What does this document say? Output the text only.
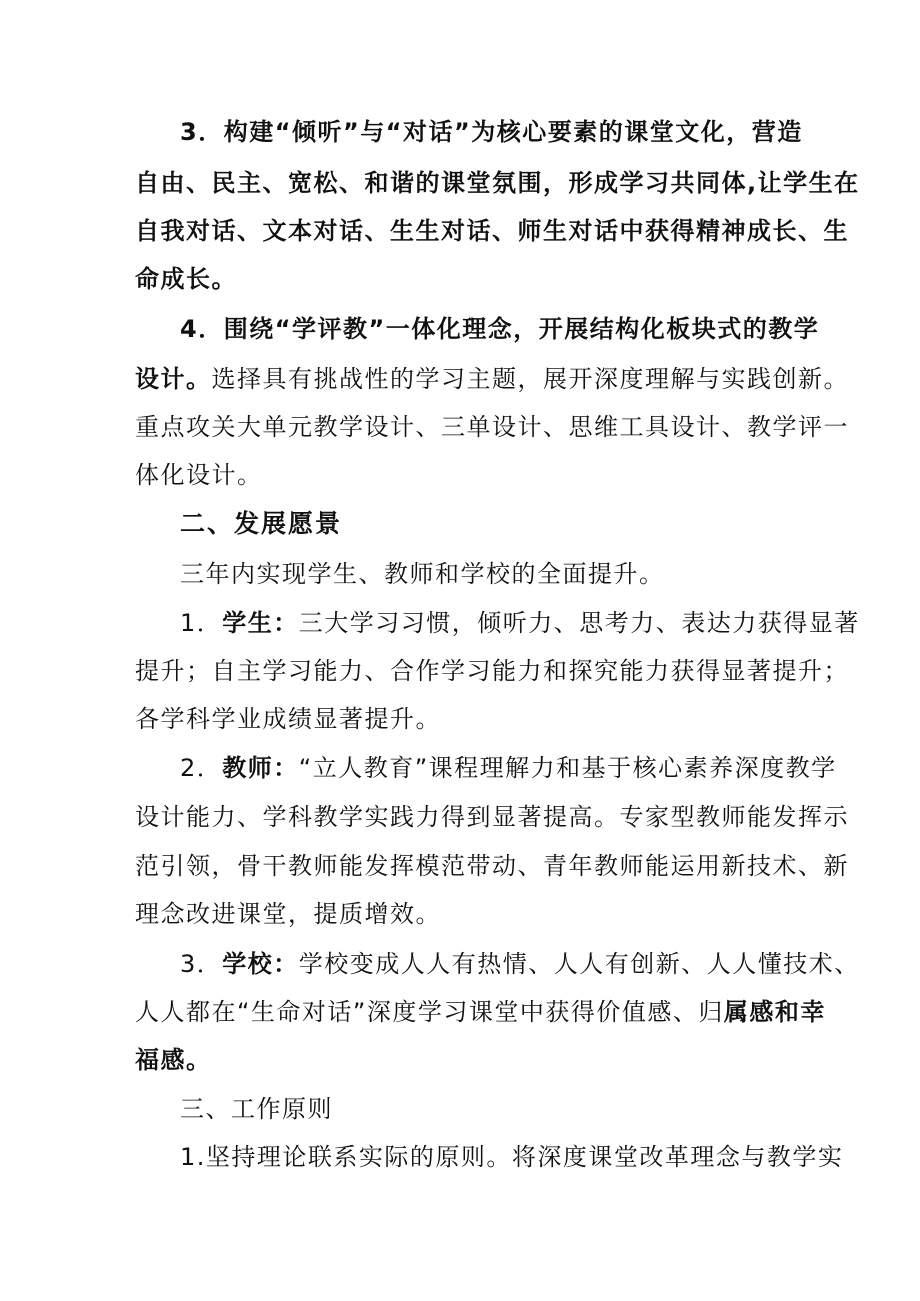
3．构建“倾听”与“对话”为核心要素的课堂文化，营造
自由、民主、宽松、和谐的课堂氛围，形成学习共同体,让学生在
自我对话、文本对话、生生对话、师生对话中获得精神成长、生
命成长。
4．围绕“学评教”一体化理念，开展结构化板块式的教学
设计。选择具有挑战性的学习主题，展开深度理解与实践创新。
重点攻关大单元教学设计、三单设计、思维工具设计、教学评一
体化设计。
二、发展愿景
三年内实现学生、教师和学校的全面提升。
1．学生：三大学习习惯，倾听力、思考力、表达力获得显著
提升；自主学习能力、合作学习能力和探究能力获得显著提升；
各学科学业成绩显著提升。
2．教师：“立人教育”课程理解力和基于核心素养深度教学
设计能力、学科教学实践力得到显著提高。专家型教师能发挥示
范引领，骨干教师能发挥模范带动、青年教师能运用新技术、新
理念改进课堂，提质增效。
3．学校：学校变成人人有热情、人人有创新、人人懂技术、
人人都在“生命对话”深度学习课堂中获得价值感、归属感和幸
福感。
三、工作原则
1.坚持理论联系实际的原则。将深度课堂改革理念与教学实
